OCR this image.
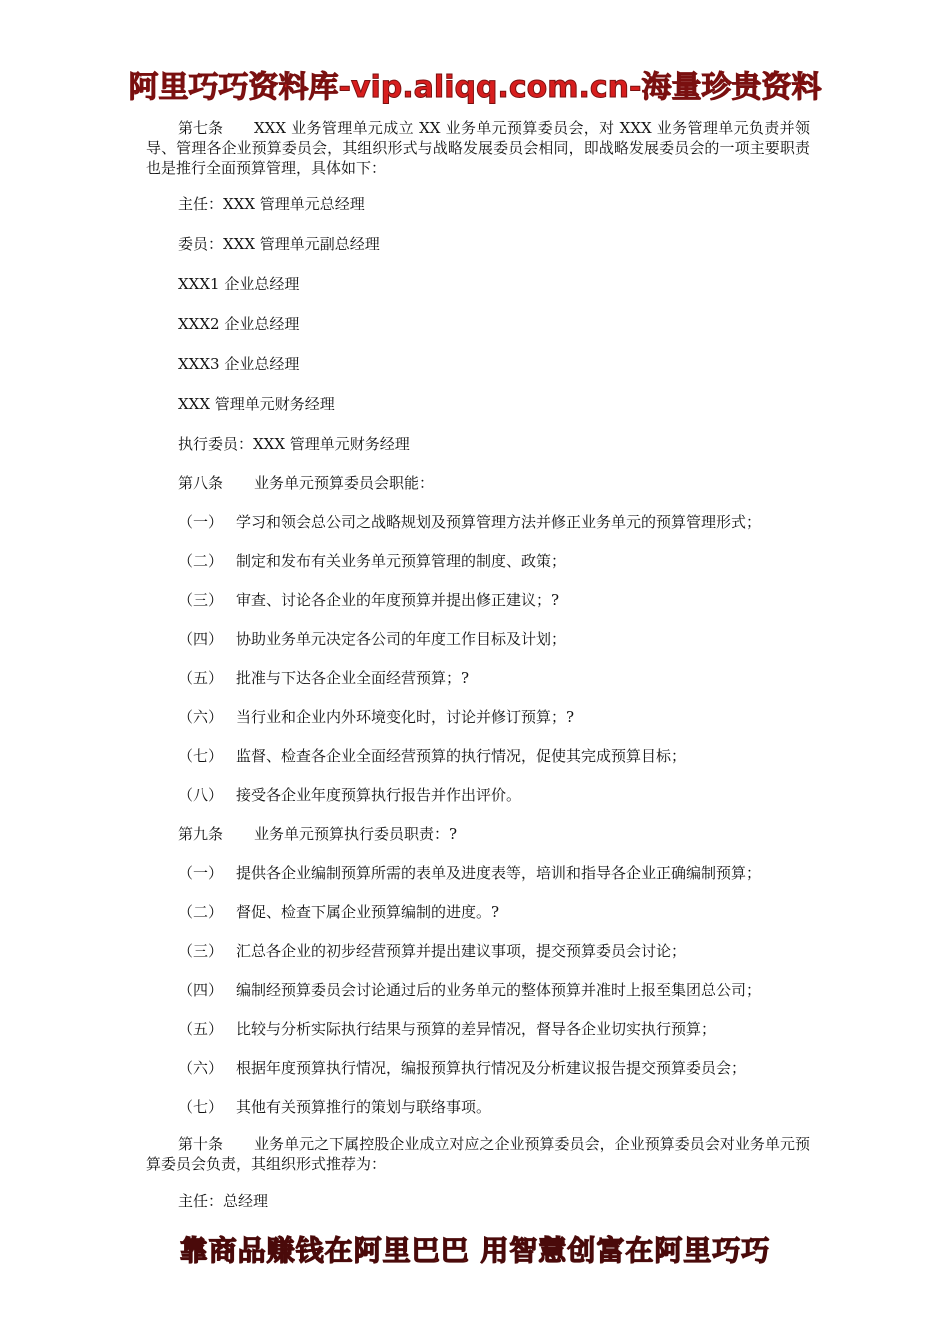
阿里巧巧资料库-vip.aliqq.com.cn-海量珍贵资料
第七条 XXX 业务管理单元成立 XX 业务单元预算委员会，对 XXX 业务管理单元负责并领导、管理各企业预算委员会，其组织形式与战略发展委员会相同，即战略发展委员会的一项主要职责也是推行全面预算管理，具体如下：
主任：XXX 管理单元总经理
委员：XXX 管理单元副总经理
XXX1 企业总经理
XXX2 企业总经理
XXX3 企业总经理
XXX 管理单元财务经理
执行委员：XXX 管理单元财务经理
第八条 业务单元预算委员会职能：
（一） 学习和领会总公司之战略规划及预算管理方法并修正业务单元的预算管理形式；
（二） 制定和发布有关业务单元预算管理的制度、政策；
（三） 审查、讨论各企业的年度预算并提出修正建议；?
（四） 协助业务单元决定各公司的年度工作目标及计划；
（五） 批准与下达各企业全面经营预算；?
（六） 当行业和企业内外环境变化时，讨论并修订预算；?
（七） 监督、检查各企业全面经营预算的执行情况，促使其完成预算目标；
（八） 接受各企业年度预算执行报告并作出评价。
第九条 业务单元预算执行委员职责：?
（一） 提供各企业编制预算所需的表单及进度表等，培训和指导各企业正确编制预算；
（二） 督促、检查下属企业预算编制的进度。?
（三） 汇总各企业的初步经营预算并提出建议事项，提交预算委员会讨论；
（四） 编制经预算委员会讨论通过后的业务单元的整体预算并准时上报至集团总公司；
（五） 比较与分析实际执行结果与预算的差异情况，督导各企业切实执行预算；
（六） 根据年度预算执行情况，编报预算执行情况及分析建议报告提交预算委员会；
（七） 其他有关预算推行的策划与联络事项。
第十条 业务单元之下属控股企业成立对应之企业预算委员会，企业预算委员会对业务单元预算委员会负责，其组织形式推荐为：
主任：总经理
靠商品赚钱在阿里巴巴 用智慧创富在阿里巧巧
